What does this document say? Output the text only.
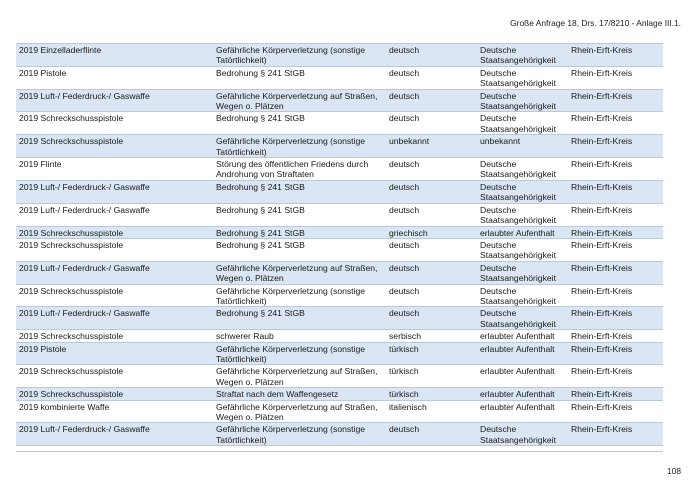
Große Anfrage 18, Drs. 17/8210 - Anlage III.1.
2019 Einzelladerflinte	Gefährliche Körperverletzung (sonstige Tatörtlichkeit)	deutsch	Deutsche Staatsangehörigkeit	Rhein-Erft-Kreis
2019 Pistole	Bedrohung § 241 StGB	deutsch	Deutsche Staatsangehörigkeit	Rhein-Erft-Kreis
2019 Luft-/ Federdruck-/ Gaswaffe	Gefährliche Körperverletzung auf Straßen, Wegen o. Plätzen	deutsch	Deutsche Staatsangehörigkeit	Rhein-Erft-Kreis
2019 Schreckschusspistole	Bedrohung § 241 StGB	deutsch	Deutsche Staatsangehörigkeit	Rhein-Erft-Kreis
2019 Schreckschusspistole	Gefährliche Körperverletzung (sonstige Tatörtlichkeit)	unbekannt	unbekannt	Rhein-Erft-Kreis
2019 Flinte	Störung des öffentlichen Friedens durch Androhung von Straftaten	deutsch	Deutsche Staatsangehörigkeit	Rhein-Erft-Kreis
2019 Luft-/ Federdruck-/ Gaswaffe	Bedrohung § 241 StGB	deutsch	Deutsche Staatsangehörigkeit	Rhein-Erft-Kreis
2019 Luft-/ Federdruck-/ Gaswaffe	Bedrohung § 241 StGB	deutsch	Deutsche Staatsangehörigkeit	Rhein-Erft-Kreis
2019 Schreckschusspistole	Bedrohung § 241 StGB	griechisch	erlaubter Aufenthalt	Rhein-Erft-Kreis
2019 Schreckschusspistole	Bedrohung § 241 StGB	deutsch	Deutsche Staatsangehörigkeit	Rhein-Erft-Kreis
2019 Luft-/ Federdruck-/ Gaswaffe	Gefährliche Körperverletzung auf Straßen, Wegen o. Plätzen	deutsch	Deutsche Staatsangehörigkeit	Rhein-Erft-Kreis
2019 Schreckschusspistole	Gefährliche Körperverletzung (sonstige Tatörtlichkeit)	deutsch	Deutsche Staatsangehörigkeit	Rhein-Erft-Kreis
2019 Luft-/ Federdruck-/ Gaswaffe	Bedrohung § 241 StGB	deutsch	Deutsche Staatsangehörigkeit	Rhein-Erft-Kreis
2019 Schreckschusspistole	schwerer Raub	serbisch	erlaubter Aufenthalt	Rhein-Erft-Kreis
2019 Pistole	Gefährliche Körperverletzung (sonstige Tatörtlichkeit)	türkisch	erlaubter Aufenthalt	Rhein-Erft-Kreis
2019 Schreckschusspistole	Gefährliche Körperverletzung auf Straßen, Wegen o. Plätzen	türkisch	erlaubter Aufenthalt	Rhein-Erft-Kreis
2019 Schreckschusspistole	Straftat nach dem Waffengesetz	türkisch	erlaubter Aufenthalt	Rhein-Erft-Kreis
2019 kombinierte Waffe	Gefährliche Körperverletzung auf Straßen, Wegen o. Plätzen	italienisch	erlaubter Aufenthalt	Rhein-Erft-Kreis
2019 Luft-/ Federdruck-/ Gaswaffe	Gefährliche Körperverletzung (sonstige Tatörtlichkeit)	deutsch	Deutsche Staatsangehörigkeit	Rhein-Erft-Kreis
108
